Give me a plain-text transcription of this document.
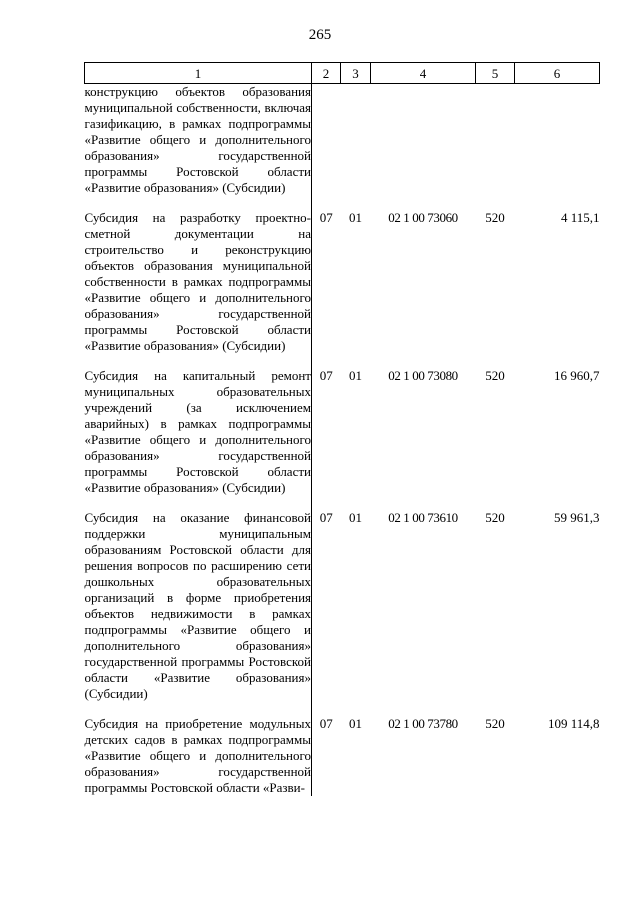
265
1	2	3	4	5	6

конструкцию объектов образования муниципальной собственности, включая газификацию, в рамках подпрограммы «Развитие общего и дополнительного образования» государственной программы Ростовской области «Развитие образования» (Субсидии)					

Субсидия на разработку проектно-сметной документации на строительство и реконструкцию объектов образования муниципальной собственности в рамках подпрограммы «Развитие общего и дополнительного образования» государственной программы Ростовской области «Развитие образования» (Субсидии)	07	01	02 1 00 73060	520	4 115,1

Субсидия на капитальный ремонт муниципальных образовательных учреждений (за исключением аварийных) в рамках подпрограммы «Развитие общего и дополнительного образования» государственной программы Ростовской области «Развитие образования» (Субсидии)	07	01	02 1 00 73080	520	16 960,7

Субсидия на оказание финансовой поддержки муниципальным образованиям Ростовской области для решения вопросов по расширению сети дошкольных образовательных организаций в форме приобретения объектов недвижимости в рамках подпрограммы «Развитие общего и дополнительного образования» государственной программы Ростовской области «Развитие образования» (Субсидии)	07	01	02 1 00 73610	520	59 961,3

Субсидия на приобретение модульных детских садов в рамках подпрограммы «Развитие общего и дополнительного образования» государственной программы Ростовской области «Разви-	07	01	02 1 00 73780	520	109 114,8
